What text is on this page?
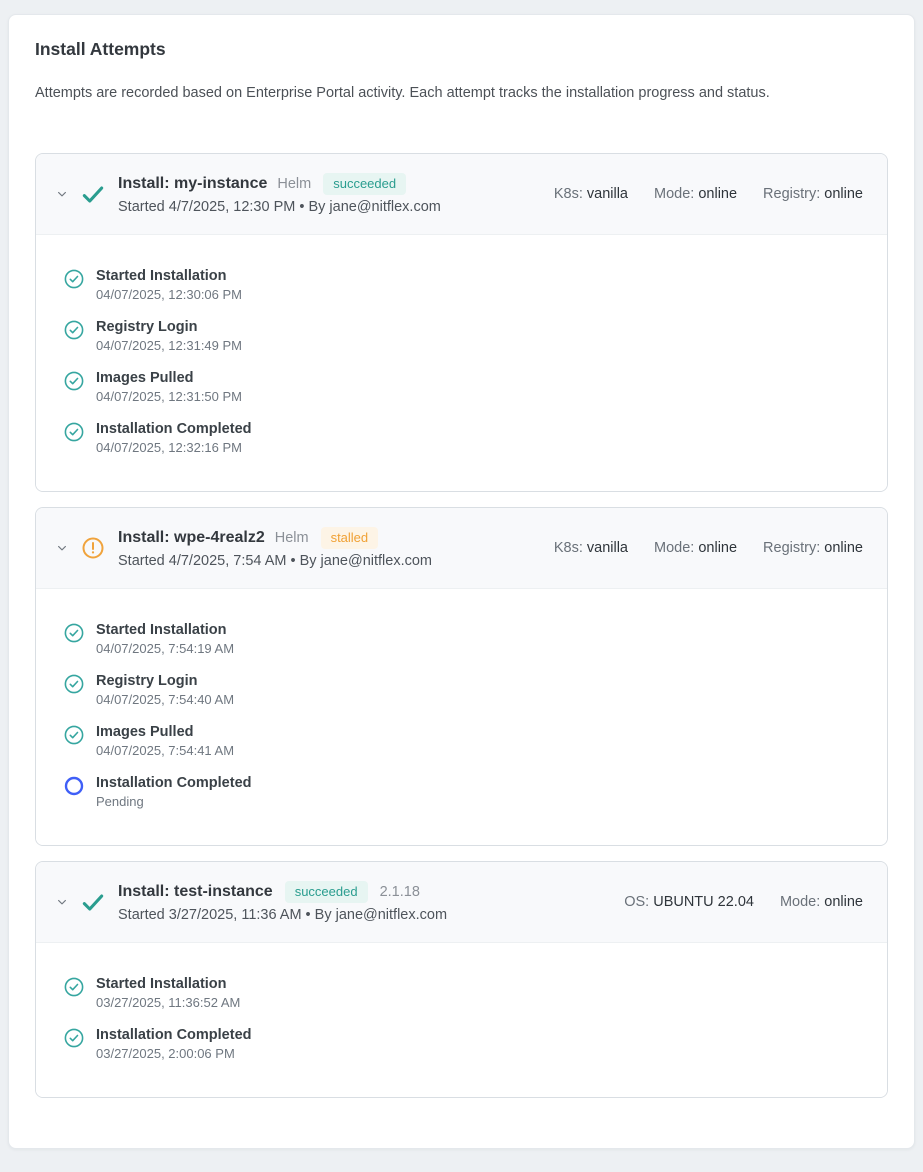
Install Attempts
Attempts are recorded based on Enterprise Portal activity. Each attempt tracks the installation progress and status.
Install: my-instance Helm	succeeded
Started 4/7/2025, 12:30 PM • By jane@nitflex.com
K8s: vanilla Mode: online Registry: online
Started Installation
04/07/2025, 12:30:06 PM
Registry Login
04/07/2025, 12:31:49 PM
Images Pulled
04/07/2025, 12:31:50 PM
Installation Completed
04/07/2025, 12:32:16 PM
Install: wpe-4realz2 Helm	stalled
Started 4/7/2025, 7:54 AM • By jane@nitflex.com
K8s: vanilla Mode: online Registry: online
Started Installation
04/07/2025, 7:54:19 AM
Registry Login
04/07/2025, 7:54:40 AM
Images Pulled
04/07/2025, 7:54:41 AM
Installation Completed
Pending
Install: test-instance	succeeded	2.1.18
Started 3/27/2025, 11:36 AM • By jane@nitflex.com
OS: UBUNTU 22.04 Mode: online
Started Installation
03/27/2025, 11:36:52 AM
Installation Completed
03/27/2025, 2:00:06 PM
